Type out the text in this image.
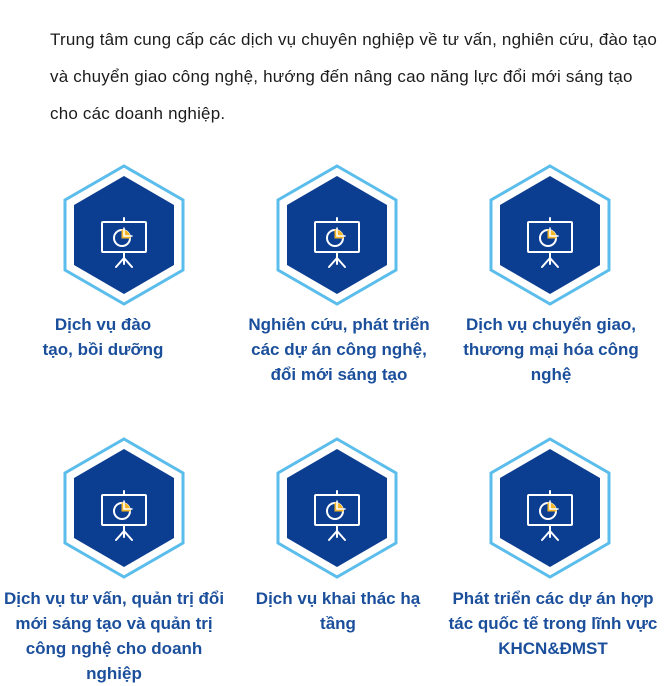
Trung tâm cung cấp các dịch vụ chuyên nghiệp về tư vấn, nghiên cứu, đào tạo và chuyển giao công nghệ, hướng đến nâng cao năng lực đổi mới sáng tạo cho các doanh nghiệp.

Dịch vụ đào tạo, bồi dưỡng
Nghiên cứu, phát triển các dự án công nghệ, đổi mới sáng tạo
Dịch vụ chuyển giao, thương mại hóa công nghệ
Dịch vụ tư vấn, quản trị đổi mới sáng tạo và quản trị công nghệ cho doanh nghiệp
Dịch vụ khai thác hạ tầng
Phát triển các dự án hợp tác quốc tế trong lĩnh vực KHCN&ĐMST
